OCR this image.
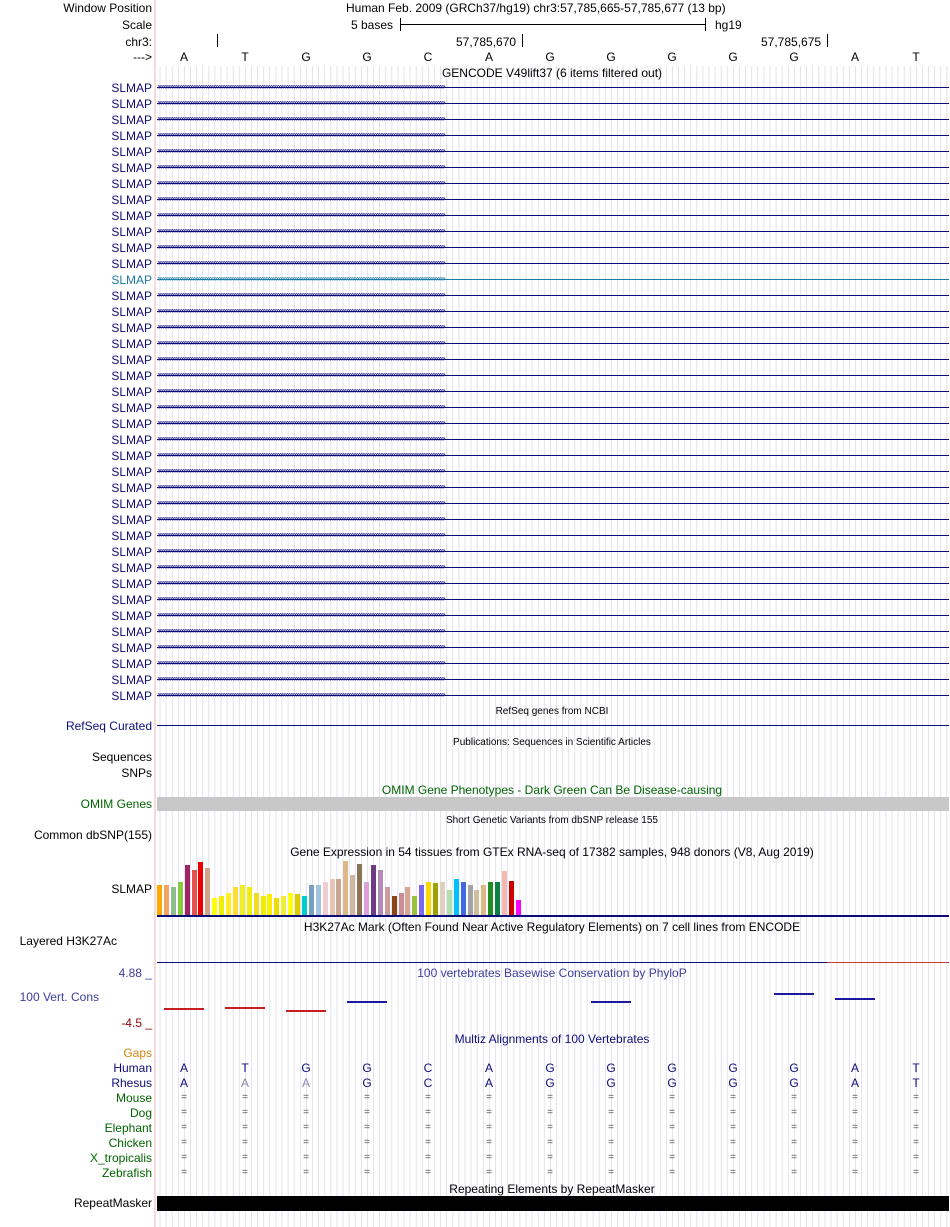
Window Position	Human Feb. 2009 (GRCh37/hg19) chr3:57,785,665-57,785,677 (13 bp)
Scale	5 bases	hg19
chr3:	57,785,670	57,785,675
---> A	T	G	G	C	A	G	G	G	G	G	A	T
GENCODE V49lift37 (6 items filtered out)
SLMAP ››››››››››››››››››››››››››››››››››››››››››››››››››››››››››››››››››››››››››››››››››››››››››››››››››››››››››››››››››››››››››››››››››››››››››››››››››››››››››››››››
SLMAP ››››››››››››››››››››››››››››››››››››››››››››››››››››››››››››››››››››››››››››››››››››››››››››››››››››››››››››››››››››››››››››››››››››››››››››››››››››››››››››››››
SLMAP ››››››››››››››››››››››››››››››››››››››››››››››››››››››››››››››››››››››››››››››››››››››››››››››››››››››››››››››››››››››››››››››››››››››››››››››››››››››››››››››››
SLMAP ››››››››››››››››››››››››››››››››››››››››››››››››››››››››››››››››››››››››››››››››››››››››››››››››››››››››››››››››››››››››››››››››››››››››››››››››››››››››››››››››
SLMAP ››››››››››››››››››››››››››››››››››››››››››››››››››››››››››››››››››››››››››››››››››››››››››››››››››››››››››››››››››››››››››››››››››››››››››››››››››››››››››››››››
SLMAP ››››››››››››››››››››››››››››››››››››››››››››››››››››››››››››››››››››››››››››››››››››››››››››››››››››››››››››››››››››››››››››››››››››››››››››››››››››››››››››››››
SLMAP ››››››››››››››››››››››››››››››››››››››››››››››››››››››››››››››››››››››››››››››››››››››››››››››››››››››››››››››››››››››››››››››››››››››››››››››››››››››››››››››››
SLMAP ››››››››››››››››››››››››››››››››››››››››››››››››››››››››››››››››››››››››››››››››››››››››››››››››››››››››››››››››››››››››››››››››››››››››››››››››››››››››››››››››
SLMAP ››››››››››››››››››››››››››››››››››››››››››››››››››››››››››››››››››››››››››››››››››››››››››››››››››››››››››››››››››››››››››››››››››››››››››››››››››››››››››››››››
SLMAP ››››››››››››››››››››››››››››››››››››››››››››››››››››››››››››››››››››››››››››››››››››››››››››››››››››››››››››››››››››››››››››››››››››››››››››››››››››››››››››››››
SLMAP ››››››››››››››››››››››››››››››››››››››››››››››››››››››››››››››››››››››››››››››››››››››››››››››››››››››››››››››››››››››››››››››››››››››››››››››››››››››››››››››››
SLMAP ››››››››››››››››››››››››››››››››››››››››››››››››››››››››››››››››››››››››››››››››››››››››››››››››››››››››››››››››››››››››››››››››››››››››››››››››››››››››››››››››
SLMAP ››››››››››››››››››››››››››››››››››››››››››››››››››››››››››››››››››››››››››››››››››››››››››››››››››››››››››››››››››››››››››››››››››››››››››››››››››››››››››››››››
SLMAP ››››››››››››››››››››››››››››››››››››››››››››››››››››››››››››››››››››››››››››››››››››››››››››››››››››››››››››››››››››››››››››››››››››››››››››››››››››››››››››››››
SLMAP ››››››››››››››››››››››››››››››››››››››››››››››››››››››››››››››››››››››››››››››››››››››››››››››››››››››››››››››››››››››››››››››››››››››››››››››››››››››››››››››››
SLMAP ››››››››››››››››››››››››››››››››››››››››››››››››››››››››››››››››››››››››››››››››››››››››››››››››››››››››››››››››››››››››››››››››››››››››››››››››››››››››››››››››
SLMAP ››››››››››››››››››››››››››››››››››››››››››››››››››››››››››››››››››››››››››››››››››››››››››››››››››››››››››››››››››››››››››››››››››››››››››››››››››››››››››››››››
SLMAP ››››››››››››››››››››››››››››››››››››››››››››››››››››››››››››››››››››››››››››››››››››››››››››››››››››››››››››››››››››››››››››››››››››››››››››››››››››››››››››››››
SLMAP ››››››››››››››››››››››››››››››››››››››››››››››››››››››››››››››››››››››››››››››››››››››››››››››››››››››››››››››››››››››››››››››››››››››››››››››››››››››››››››››››
SLMAP ››››››››››››››››››››››››››››››››››››››››››››››››››››››››››››››››››››››››››››››››››››››››››››››››››››››››››››››››››››››››››››››››››››››››››››››››››››››››››››››››
SLMAP ››››››››››››››››››››››››››››››››››››››››››››››››››››››››››››››››››››››››››››››››››››››››››››››››››››››››››››››››››››››››››››››››››››››››››››››››››››››››››››››››
SLMAP ››››››››››››››››››››››››››››››››››››››››››››››››››››››››››››››››››››››››››››››››››››››››››››››››››››››››››››››››››››››››››››››››››››››››››››››››››››››››››››››››
SLMAP ››››››››››››››››››››››››››››››››››››››››››››››››››››››››››››››››››››››››››››››››››››››››››››››››››››››››››››››››››››››››››››››››››››››››››››››››››››››››››››››››
SLMAP ››››››››››››››››››››››››››››››››››››››››››››››››››››››››››››››››››››››››››››››››››››››››››››››››››››››››››››››››››››››››››››››››››››››››››››››››››››››››››››››››
SLMAP ››››››››››››››››››››››››››››››››››››››››››››››››››››››››››››››››››››››››››››››››››››››››››››››››››››››››››››››››››››››››››››››››››››››››››››››››››››››››››››››››
SLMAP ››››››››››››››››››››››››››››››››››››››››››››››››››››››››››››››››››››››››››››››››››››››››››››››››››››››››››››››››››››››››››››››››››››››››››››››››››››››››››››››››
SLMAP ››››››››››››››››››››››››››››››››››››››››››››››››››››››››››››››››››››››››››››››››››››››››››››››››››››››››››››››››››››››››››››››››››››››››››››››››››››››››››››››››
SLMAP ››››››››››››››››››››››››››››››››››››››››››››››››››››››››››››››››››››››››››››››››››››››››››››››››››››››››››››››››››››››››››››››››››››››››››››››››››››››››››››››››
SLMAP ››››››››››››››››››››››››››››››››››››››››››››››››››››››››››››››››››››››››››››››››››››››››››››››››››››››››››››››››››››››››››››››››››››››››››››››››››››››››››››››››
SLMAP ››››››››››››››››››››››››››››››››››››››››››››››››››››››››››››››››››››››››››››››››››››››››››››››››››››››››››››››››››››››››››››››››››››››››››››››››››››››››››››››››
SLMAP ››››››››››››››››››››››››››››››››››››››››››››››››››››››››››››››››››››››››››››››››››››››››››››››››››››››››››››››››››››››››››››››››››››››››››››››››››››››››››››››››
SLMAP ››››››››››››››››››››››››››››››››››››››››››››››››››››››››››››››››››››››››››››››››››››››››››››››››››››››››››››››››››››››››››››››››››››››››››››››››››››››››››››››››
SLMAP ››››››››››››››››››››››››››››››››››››››››››››››››››››››››››››››››››››››››››››››››››››››››››››››››››››››››››››››››››››››››››››››››››››››››››››››››››››››››››››››››
SLMAP ››››››››››››››››››››››››››››››››››››››››››››››››››››››››››››››››››››››››››››››››››››››››››››››››››››››››››››››››››››››››››››››››››››››››››››››››››››››››››››››››
SLMAP ››››››››››››››››››››››››››››››››››››››››››››››››››››››››››››››››››››››››››››››››››››››››››››››››››››››››››››››››››››››››››››››››››››››››››››››››››››››››››››››››
SLMAP ››››››››››››››››››››››››››››››››››››››››››››››››››››››››››››››››››››››››››››››››››››››››››››››››››››››››››››››››››››››››››››››››››››››››››››››››››››››››››››››››
SLMAP ››››››››››››››››››››››››››››››››››››››››››››››››››››››››››››››››››››››››››››››››››››››››››››››››››››››››››››››››››››››››››››››››››››››››››››››››››››››››››››››››
SLMAP ››››››››››››››››››››››››››››››››››››››››››››››››››››››››››››››››››››››››››››››››››››››››››››››››››››››››››››››››››››››››››››››››››››››››››››››››››››››››››››››››
SLMAP ››››››››››››››››››››››››››››››››››››››››››››››››››››››››››››››››››››››››››››››››››››››››››››››››››››››››››››››››››››››››››››››››››››››››››››››››››››››››››››››››
RefSeq genes from NCBI
RefSeq Curated
Publications: Sequences in Scientific Articles
Sequences
SNPs
OMIM Gene Phenotypes - Dark Green Can Be Disease-causing
OMIM Genes
Short Genetic Variants from dbSNP release 155
Common dbSNP(155)
Gene Expression in 54 tissues from GTEx RNA-seq of 17382 samples, 948 donors (V8, Aug 2019)
SLMAP
H3K27Ac Mark (Often Found Near Active Regulatory Elements) on 7 cell lines from ENCODE
Layered H3K27Ac
100 vertebrates Basewise Conservation by PhyloP
4.88 _
100 Vert. Cons
-4.5 _
Multiz Alignments of 100 Vertebrates
Gaps
Human A	T	G	G	C	A	G	G	G	G	G	A	T
Rhesus A	A	A	G	C	A	G	G	G	G	G	A	T
Mouse	=	=	=	=	=	=	=	=	=	=	=	=	=
Dog	=	=	=	=	=	=	=	=	=	=	=	=	=
Elephant	=	=	=	=	=	=	=	=	=	=	=	=	=
Chicken	=	=	=	=	=	=	=	=	=	=	=	=	=
X_tropicalis	=	=	=	=	=	=	=	=	=	=	=	=	=
Zebrafish	=	=	=	=	=	=	=	=	=	=	=	=	=
Repeating Elements by RepeatMasker
RepeatMasker
